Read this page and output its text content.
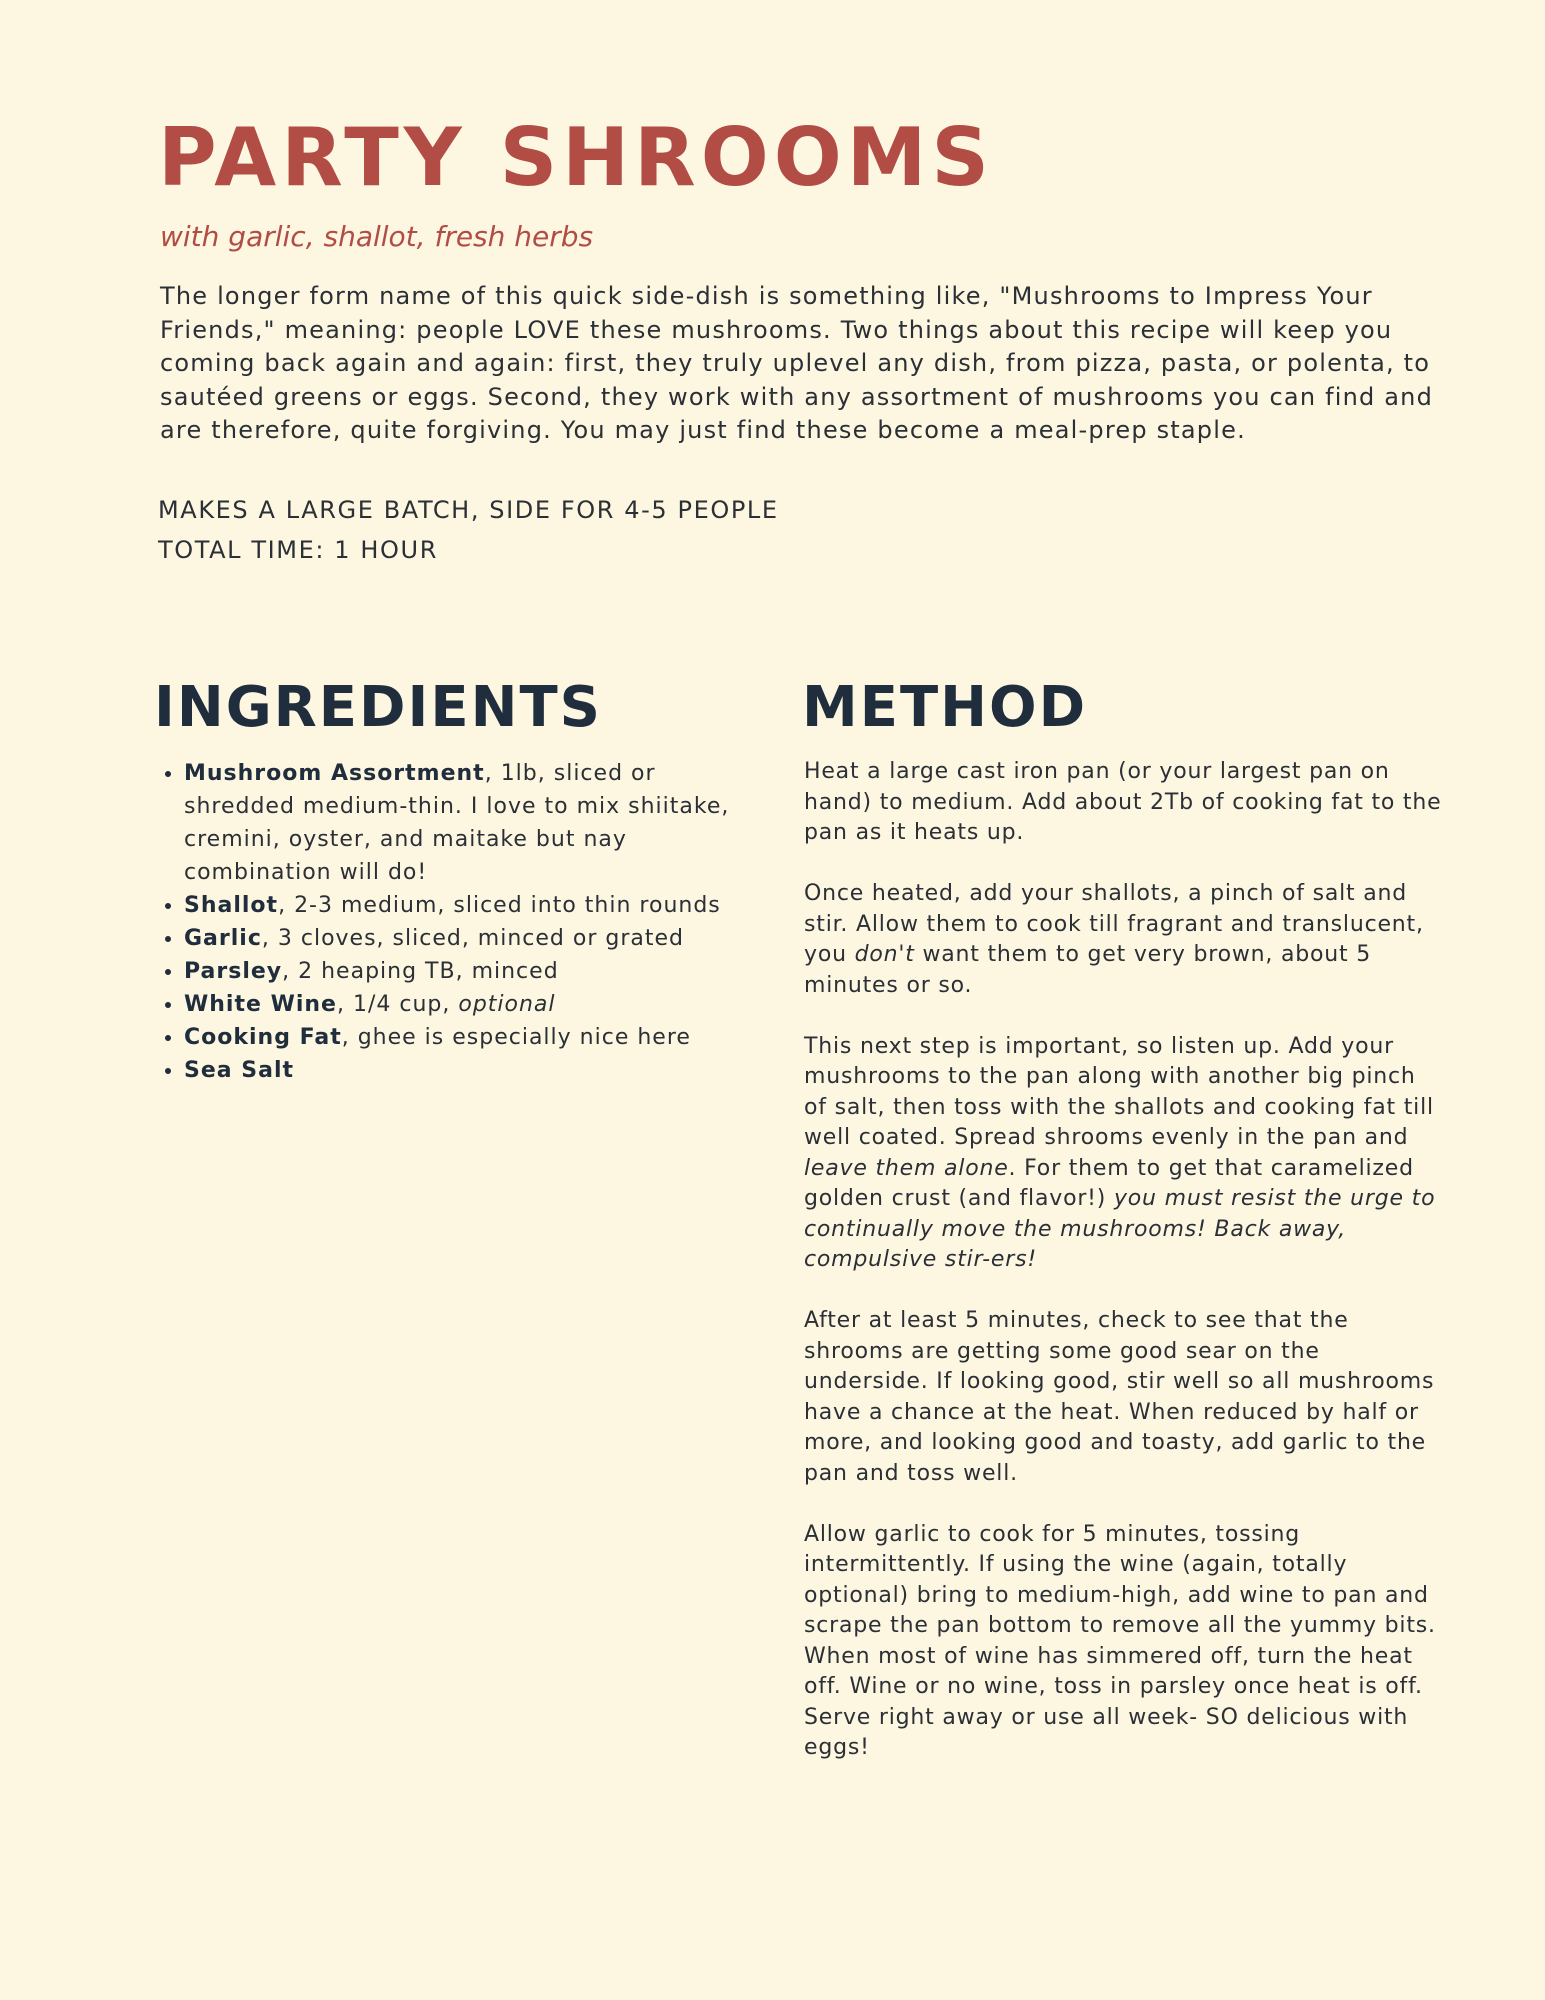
PARTY SHROOMS

with garlic, shallot, fresh herbs

The longer form name of this quick side-dish is something like, "Mushrooms to Impress Your Friends," meaning: people LOVE these mushrooms. Two things about this recipe will keep you coming back again and again: first, they truly uplevel any dish, from pizza, pasta, or polenta, to sautéed greens or eggs. Second, they work with any assortment of mushrooms you can find and are therefore, quite forgiving. You may just find these become a meal-prep staple.

MAKES A LARGE BATCH, SIDE FOR 4-5 PEOPLE
TOTAL TIME: 1 HOUR
INGREDIENTS
• Mushroom Assortment, 1lb, sliced or shredded medium-thin. I love to mix shiitake, cremini, oyster, and maitake but nay combination will do!
• Shallot, 2-3 medium, sliced into thin rounds
• Garlic, 3 cloves, sliced, minced or grated
• Parsley, 2 heaping TB, minced
• White Wine, 1/4 cup, optional
• Cooking Fat, ghee is especially nice here
• Sea Salt
METHOD

Heat a large cast iron pan (or your largest pan on hand) to medium. Add about 2Tb of cooking fat to the pan as it heats up.

Once heated, add your shallots, a pinch of salt and stir. Allow them to cook till fragrant and translucent, you don't want them to get very brown, about 5 minutes or so.

This next step is important, so listen up. Add your mushrooms to the pan along with another big pinch of salt, then toss with the shallots and cooking fat till well coated. Spread shrooms evenly in the pan and leave them alone. For them to get that caramelized golden crust (and flavor!) you must resist the urge to continually move the mushrooms! Back away, compulsive stir-ers!

After at least 5 minutes, check to see that the shrooms are getting some good sear on the underside. If looking good, stir well so all mushrooms have a chance at the heat. When reduced by half or more, and looking good and toasty, add garlic to the pan and toss well.

Allow garlic to cook for 5 minutes, tossing intermittently. If using the wine (again, totally optional) bring to medium-high, add wine to pan and scrape the pan bottom to remove all the yummy bits. When most of wine has simmered off, turn the heat off. Wine or no wine, toss in parsley once heat is off. Serve right away or use all week- SO delicious with eggs!
